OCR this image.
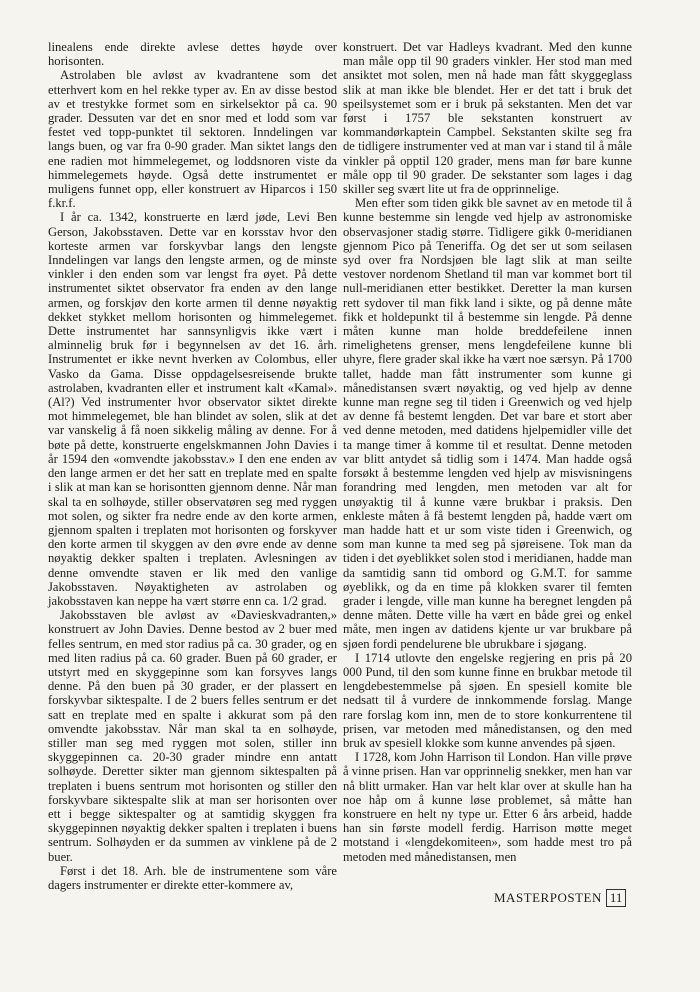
linealens ende direkte avlese dettes høyde over horisonten.

Astrolaben ble avløst av kvadrantene som det etterhvert kom en hel rekke typer av. En av disse bestod av et trestykke formet som en sirkelsektor på ca. 90 grader. Dessuten var det en snor med et lodd som var festet ved topp-punktet til sektoren. Inndelingen var langs buen, og var fra 0-90 grader. Man siktet langs den ene radien mot himmelegemet, og loddsnoren viste da himmelegemets høyde. Også dette instrumentet er muligens funnet opp, eller konstruert av Hiparcos i 150 f.kr.f.

I år ca. 1342, konstruerte en lærd jøde, Levi Ben Gerson, Jakobsstaven. Dette var en korsstav hvor den korteste armen var forskyvbar langs den lengste Inndelingen var langs den lengste armen, og de minste vinkler i den enden som var lengst fra øyet. På dette instrumentet siktet observator fra enden av den lange armen, og forskjøv den korte armen til denne nøyaktig dekket stykket mellom horisonten og himmelegemet. Dette instrumentet har sannsynligvis ikke vært i alminnelig bruk før i begynnelsen av det 16. årh. Instrumentet er ikke nevnt hverken av Colombus, eller Vasko da Gama. Disse oppdagelsesreisende brukte astrolaben, kvadranten eller et instrument kalt «Kamal». (Al?) Ved instrumenter hvor observator siktet direkte mot himmelegemet, ble han blindet av solen, slik at det var vanskelig å få noen sikkelig måling av denne. For å bøte på dette, konstruerte engelskmannen John Davies i år 1594 den «omvendte jakobsstav.» I den ene enden av den lange armen er det her satt en treplate med en spalte i slik at man kan se horisontten gjennom denne. Når man skal ta en solhøyde, stiller observatøren seg med ryggen mot solen, og sikter fra nedre ende av den korte armen, gjennom spalten i treplaten mot horisonten og forskyver den korte armen til skyggen av den øvre ende av denne nøyaktig dekker spalten i treplaten. Avlesningen av denne omvendte staven er lik med den vanlige Jakobsstaven. Nøyaktigheten av astrolaben og jakobsstaven kan neppe ha vært større enn ca. 1/2 grad.

Jakobsstaven ble avløst av «Davieskvadranten,» konstruert av John Davies. Denne bestod av 2 buer med felles sentrum, en med stor radius på ca. 30 grader, og en med liten radius på ca. 60 grader. Buen på 60 grader, er utstyrt med en skyggepinne som kan forsyves langs denne. På den buen på 30 grader, er der plassert en forskyvbar siktespalte. I de 2 buers felles sentrum er det satt en treplate med en spalte i akkurat som på den omvendte jakobsstav. Når man skal ta en solhøyde, stiller man seg med ryggen mot solen, stiller inn skyggepinnen ca. 20-30 grader mindre enn antatt solhøyde. Deretter sikter man gjennom siktespalten på treplaten i buens sentrum mot horisonten og stiller den forskyvbare siktespalte slik at man ser horisonten over ett i begge siktespalter og at samtidig skyggen fra skyggepinnen nøyaktig dekker spalten i treplaten i buens sentrum. Solhøyden er da summen av vinklene på de 2 buer.

Først i det 18. Arh. ble de instrumentene som våre dagers instrumenter er direkte etter-kommere av,

konstruert. Det var Hadleys kvadrant. Med den kunne man måle opp til 90 graders vinkler. Her stod man med ansiktet mot solen, men nå hade man fått skyggeglass slik at man ikke ble blendet. Her er det tatt i bruk det speilsystemet som er i bruk på sekstanten. Men det var først i 1757 ble sekstanten konstruert av kommandørkaptein Campbel. Sekstanten skilte seg fra de tidligere instrumenter ved at man var i stand til å måle vinkler på opptil 120 grader, mens man før bare kunne måle opp til 90 grader. De sekstanter som lages i dag skiller seg svært lite ut fra de opprinnelige.

Men efter som tiden gikk ble savnet av en metode til å kunne bestemme sin lengde ved hjelp av astronomiske observasjoner stadig større. Tidligere gikk 0-meridianen gjennom Pico på Teneriffa. Og det ser ut som seilasen syd over fra Nordsjøen ble lagt slik at man seilte vestover nordenom Shetland til man var kommet bort til null-meridianen etter bestikket. Deretter la man kursen rett sydover til man fikk land i sikte, og på denne måte fikk et holdepunkt til å bestemme sin lengde. På denne måten kunne man holde breddefeilene innen rimelighetens grenser, mens lengdefeilene kunne bli uhyre, flere grader skal ikke ha vært noe særsyn. På 1700 tallet, hadde man fått instrumenter som kunne gi månedistansen svært nøyaktig, og ved hjelp av denne kunne man regne seg til tiden i Greenwich og ved hjelp av denne få bestemt lengden. Det var bare et stort aber ved denne metoden, med datidens hjelpemidler ville det ta mange timer å komme til et resultat. Denne metoden var blitt antydet så tidlig som i 1474. Man hadde også forsøkt å bestemme lengden ved hjelp av misvisningens forandring med lengden, men metoden var alt for unøyaktig til å kunne være brukbar i praksis. Den enkleste måten å få bestemt lengden på, hadde vært om man hadde hatt et ur som viste tiden i Greenwich, og som man kunne ta med seg på sjøreisene. Tok man da tiden i det øyeblikket solen stod i meridianen, hadde man da samtidig sann tid ombord og G.M.T. for samme øyeblikk, og da en time på klokken svarer til femten grader i lengde, ville man kunne ha beregnet lengden på denne måten. Dette ville ha vært en både grei og enkel måte, men ingen av datidens kjente ur var brukbare på sjøen fordi pendelurene ble ubrukbare i sjøgang.

I 1714 utlovte den engelske regjering en pris på 20 000 Pund, til den som kunne finne en brukbar metode til lengdebestemmelse på sjøen. En spesiell komite ble nedsatt til å vurdere de innkommende forslag. Mange rare forslag kom inn, men de to store konkurrentene til prisen, var metoden med månedistansen, og den med bruk av spesiell klokke som kunne anvendes på sjøen.

I 1728, kom John Harrison til London. Han ville prøve å vinne prisen. Han var opprinnelig snekker, men han var nå blitt urmaker. Han var helt klar over at skulle han ha noe håp om å kunne løse problemet, så måtte han konstruere en helt ny type ur. Etter 6 års arbeid, hadde han sin første modell ferdig. Harrison møtte meget motstand i «lengdekomiteen», som hadde mest tro på metoden med månedistansen, men

MASTERPOSTEN 11
